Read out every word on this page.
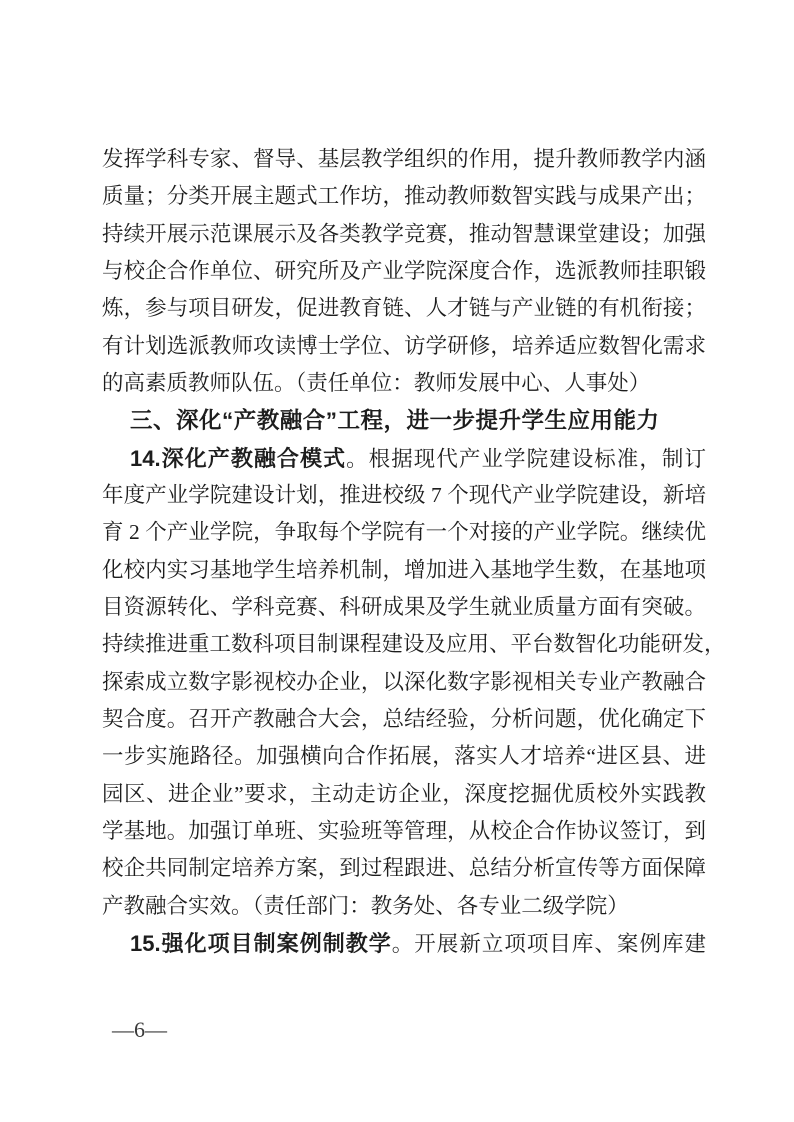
发挥学科专家、督导、基层教学组织的作用，提升教师教学内涵
质量；分类开展主题式工作坊，推动教师数智实践与成果产出；
持续开展示范课展示及各类教学竞赛，推动智慧课堂建设；加强
与校企合作单位、研究所及产业学院深度合作，选派教师挂职锻
炼，参与项目研发，促进教育链、人才链与产业链的有机衔接；
有计划选派教师攻读博士学位、访学研修，培养适应数智化需求
的高素质教师队伍。（责任单位：教师发展中心、人事处）
三、深化“产教融合”工程，进一步提升学生应用能力
14.深化产教融合模式。根据现代产业学院建设标准，制订
年度产业学院建设计划，推进校级 7 个现代产业学院建设，新培
育 2 个产业学院，争取每个学院有一个对接的产业学院。继续优
化校内实习基地学生培养机制，增加进入基地学生数，在基地项
目资源转化、学科竞赛、科研成果及学生就业质量方面有突破。
持续推进重工数科项目制课程建设及应用、平台数智化功能研发，
探索成立数字影视校办企业，以深化数字影视相关专业产教融合
契合度。召开产教融合大会，总结经验，分析问题，优化确定下
一步实施路径。加强横向合作拓展，落实人才培养“进区县、进
园区、进企业”要求，主动走访企业，深度挖掘优质校外实践教
学基地。加强订单班、实验班等管理，从校企合作协议签订，到
校企共同制定培养方案，到过程跟进、总结分析宣传等方面保障
产教融合实效。（责任部门：教务处、各专业二级学院）
15.强化项目制案例制教学。开展新立项项目库、案例库建
—6—
